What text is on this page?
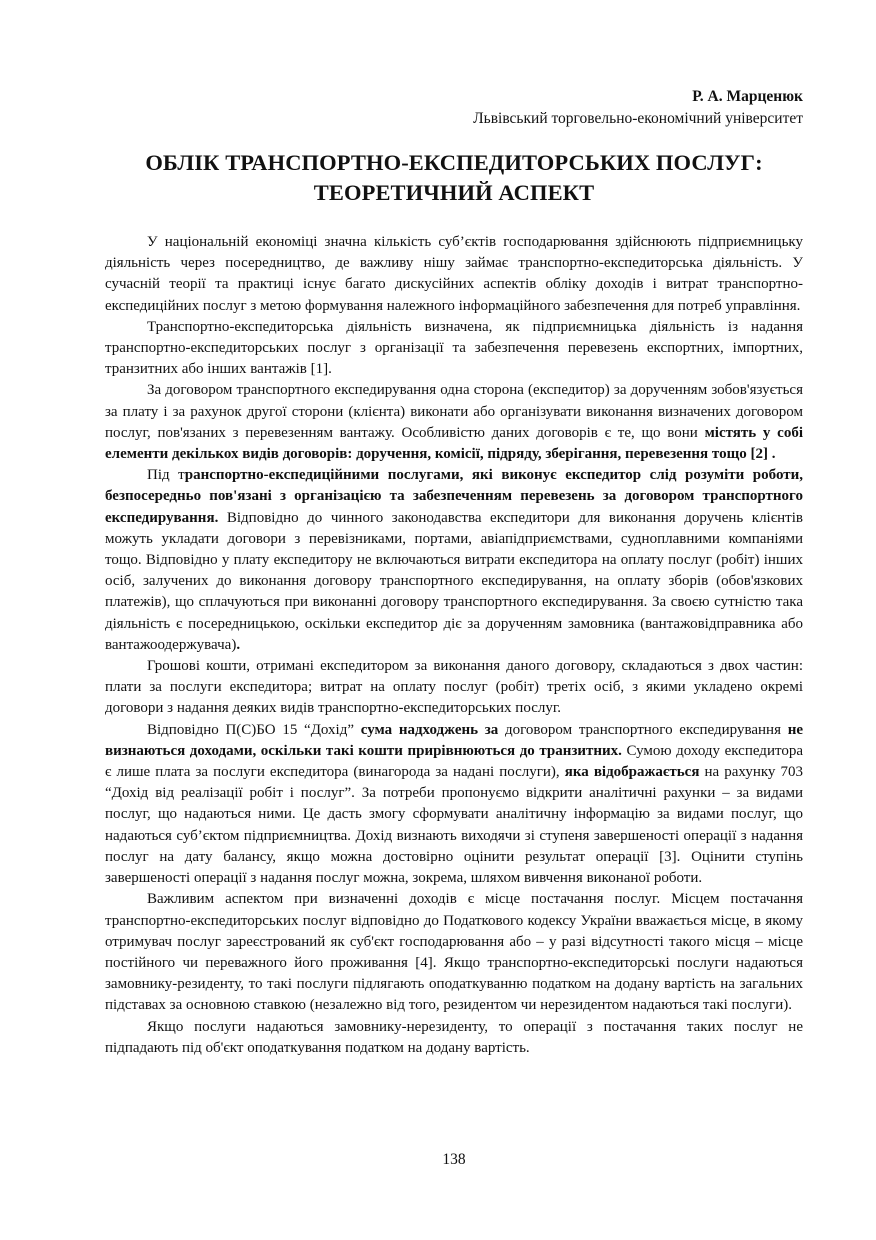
Р. А. Марценюк
Львівський торговельно-економічний університет
ОБЛІК ТРАНСПОРТНО-ЕКСПЕДИТОРСЬКИХ ПОСЛУГ:
ТЕОРЕТИЧНИЙ АСПЕКТ

У національній економіці значна кількість суб’єктів господарювання здійснюють підприємницьку діяльність через посередництво, де важливу нішу займає транспортно-експедиторська діяльність. У сучасній теорії та практиці існує багато дискусійних аспектів обліку доходів і витрат транспортно-експедиційних послуг з метою формування належного інформаційного забезпечення для потреб управління.

Транспортно-експедиторська діяльність визначена, як підприємницька діяльність із надання транспортно-експедиторських послуг з організації та забезпечення перевезень експортних, імпортних, транзитних або інших вантажів [1].

За договором транспортного експедирування одна сторона (експедитор) за дорученням зобов'язується за плату і за рахунок другої сторони (клієнта) виконати або організувати виконання визначених договором послуг, пов'язаних з перевезенням вантажу. Особливістю даних договорів є те, що вони містять у собі елементи декількох видів договорів: доручення, комісії, підряду, зберігання, перевезення тощо [2] .

Під транспортно-експедиційними послугами, які виконує експедитор слід розуміти роботи, безпосередньо пов'язані з організацією та забезпеченням перевезень за договором транспортного експедирування. Відповідно до чинного законодавства експедитори для виконання доручень клієнтів можуть укладати договори з перевізниками, портами, авіапідприємствами, судноплавними компаніями тощо. Відповідно у плату експедитору не включаються витрати експедитора на оплату послуг (робіт) інших осіб, залучених до виконання договору транспортного експедирування, на оплату зборів (обов'язкових платежів), що сплачуються при виконанні договору транспортного експедирування. За своєю сутністю така діяльність є посередницькою, оскільки експедитор діє за дорученням замовника (вантажовідправника або вантажоодержувача).

Грошові кошти, отримані експедитором за виконання даного договору, складаються з двох частин: плати за послуги експедитора; витрат на оплату послуг (робіт) третіх осіб, з якими укладено окремі договори з надання деяких видів транспортно-експедиторських послуг.

Відповідно П(С)БО 15 “Дохід” сума надходжень за договором транспортного експедирування не визнаються доходами, оскільки такі кошти прирівнюються до транзитних. Сумою доходу експедитора є лише плата за послуги експедитора (винагорода за надані послуги), яка відображається на рахунку 703 “Дохід від реалізації робіт і послуг”. За потреби пропонуємо відкрити аналітичні рахунки – за видами послуг, що надаються ними. Це дасть змогу сформувати аналітичну інформацію за видами послуг, що надаються суб’єктом підприємництва. Дохід визнають виходячи зі ступеня завершеності операції з надання послуг на дату балансу, якщо можна достовірно оцінити результат операції [3]. Оцінити ступінь завершеності операції з надання послуг можна, зокрема, шляхом вивчення виконаної роботи.

Важливим аспектом при визначенні доходів є місце постачання послуг. Місцем постачання транспортно-експедиторських послуг відповідно до Податкового кодексу України вважається місце, в якому отримувач послуг зареєстрований як суб'єкт господарювання або – у разі відсутності такого місця – місце постійного чи переважного його проживання [4]. Якщо транспортно-експедиторські послуги надаються замовнику-резиденту, то такі послуги підлягають оподаткуванню податком на додану вартість на загальних підставах за основною ставкою (незалежно від того, резидентом чи нерезидентом надаються такі послуги).

Якщо послуги надаються замовнику-нерезиденту, то операції з постачання таких послуг не підпадають під об'єкт оподаткування податком на додану вартість.

138
